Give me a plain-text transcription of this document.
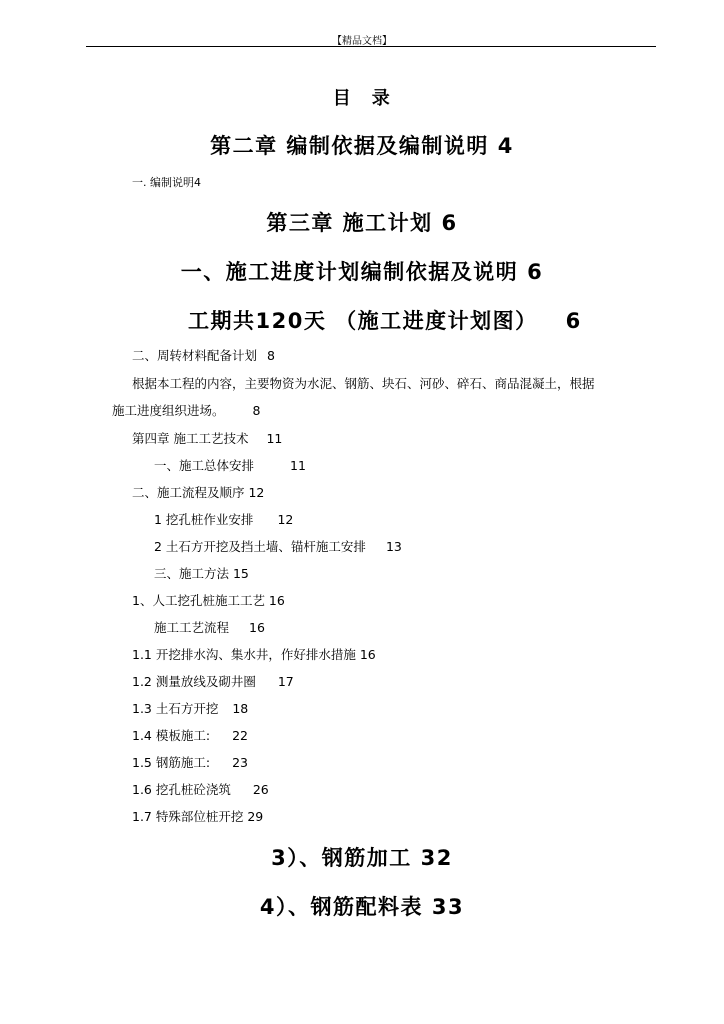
【精品文档】
目　录
第二章 编制依据及编制说明 4
一. 编制说明4
第三章 施工计划 6
一、施工进度计划编制依据及说明 6
工期共120天 （施工进度计划图） 6
二、周转材料配备计划 8
根据本工程的内容，主要物资为水泥、钢筋、块石、河砂、碎石、商品混凝土，根据
施工进度组织进场。 8
第四章 施工工艺技术 11
一、施工总体安排	11
二、施工流程及顺序 12
1 挖孔桩作业安排 12
2 土石方开挖及挡土墙、锚杆施工安排 13
三、施工方法 15
1、人工挖孔桩施工工艺 16
施工工艺流程 16
1.1 开挖排水沟、集水井，作好排水措施 16
1.2 测量放线及砌井圈 17
1.3 土石方开挖 18
1.4 模板施工: 22
1.5 钢筋施工: 23
1.6 挖孔桩砼浇筑 26
1.7 特殊部位桩开挖 29
3）、钢筋加工 32
4）、钢筋配料表 33
